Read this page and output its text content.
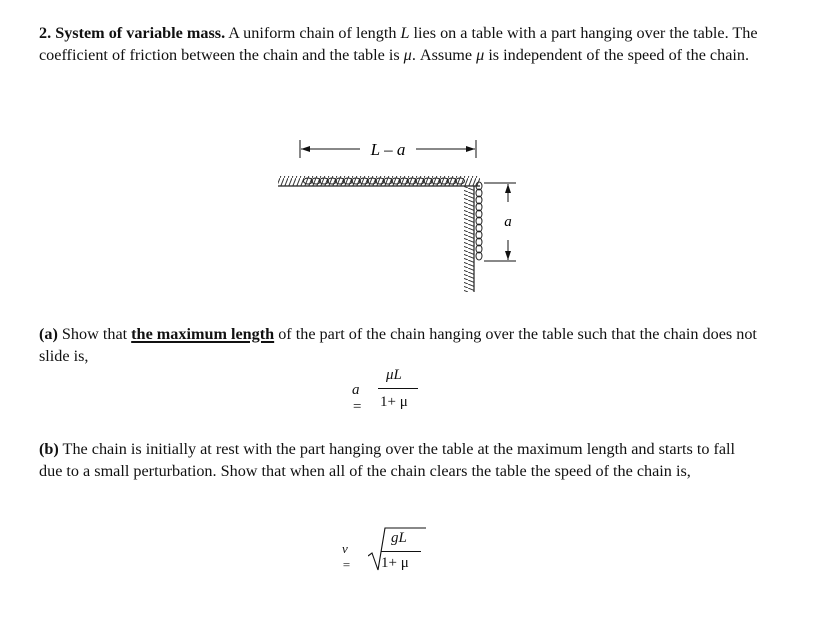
2. System of variable mass. A uniform chain of length L lies on a table with a part hanging over the table. The coefficient of friction between the chain and the table is μ. Assume μ is independent of the speed of the chain.
L – a
a
(a) Show that the maximum length of the part of the chain hanging over the table such that the chain does not slide is,
a =
μL
1+ μ
(b) The chain is initially at rest with the part hanging over the table at the maximum length and starts to fall due to a small perturbation. Show that when all of the chain clears the table the speed of the chain is,
v =
gL
1+ μ
